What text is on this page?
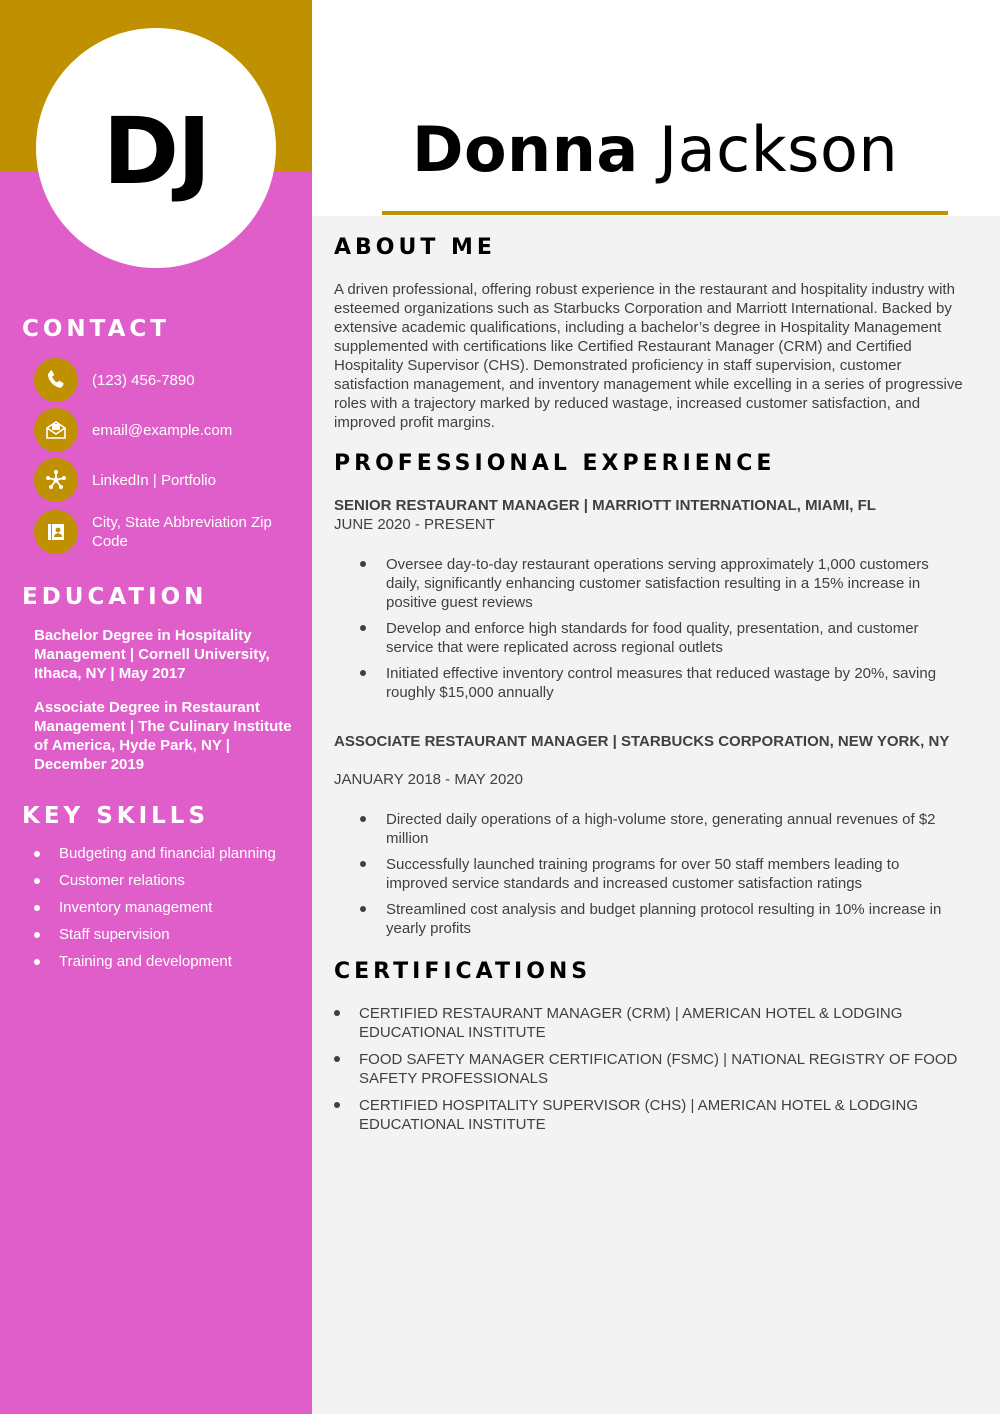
DJ
CONTACT
(123) 456-7890
email@example.com
LinkedIn | Portfolio
City, State Abbreviation Zip Code
EDUCATION
Bachelor Degree in Hospitality Management | Cornell University, Ithaca, NY | May 2017
Associate Degree in Restaurant Management | The Culinary Institute of America, Hyde Park, NY | December 2019
KEY SKILLS
Budgeting and financial planning
Customer relations
Inventory management
Staff supervision
Training and development
Donna Jackson
ABOUT ME

A driven professional, offering robust experience in the restaurant and hospitality industry with esteemed organizations such as Starbucks Corporation and Marriott International. Backed by extensive academic qualifications, including a bachelor’s degree in Hospitality Management supplemented with certifications like Certified Restaurant Manager (CRM) and Certified Hospitality Supervisor (CHS). Demonstrated proficiency in staff supervision, customer satisfaction management, and inventory management while excelling in a series of progressive roles with a trajectory marked by reduced wastage, increased customer satisfaction, and improved profit margins.

PROFESSIONAL EXPERIENCE
SENIOR RESTAURANT MANAGER | MARRIOTT INTERNATIONAL, MIAMI, FL
JUNE 2020 - PRESENT
Oversee day-to-day restaurant operations serving approximately 1,000 customers daily, significantly enhancing customer satisfaction resulting in a 15% increase in positive guest reviews
Develop and enforce high standards for food quality, presentation, and customer service that were replicated across regional outlets
Initiated effective inventory control measures that reduced wastage by 20%, saving roughly $15,000 annually
ASSOCIATE RESTAURANT MANAGER | STARBUCKS CORPORATION, NEW YORK, NY
JANUARY 2018 - MAY 2020
Directed daily operations of a high-volume store, generating annual revenues of $2 million
Successfully launched training programs for over 50 staff members leading to improved service standards and increased customer satisfaction ratings
Streamlined cost analysis and budget planning protocol resulting in 10% increase in yearly profits
CERTIFICATIONS
CERTIFIED RESTAURANT MANAGER (CRM) | AMERICAN HOTEL & LODGING EDUCATIONAL INSTITUTE
FOOD SAFETY MANAGER CERTIFICATION (FSMC) | NATIONAL REGISTRY OF FOOD SAFETY PROFESSIONALS
CERTIFIED HOSPITALITY SUPERVISOR (CHS) | AMERICAN HOTEL & LODGING EDUCATIONAL INSTITUTE
